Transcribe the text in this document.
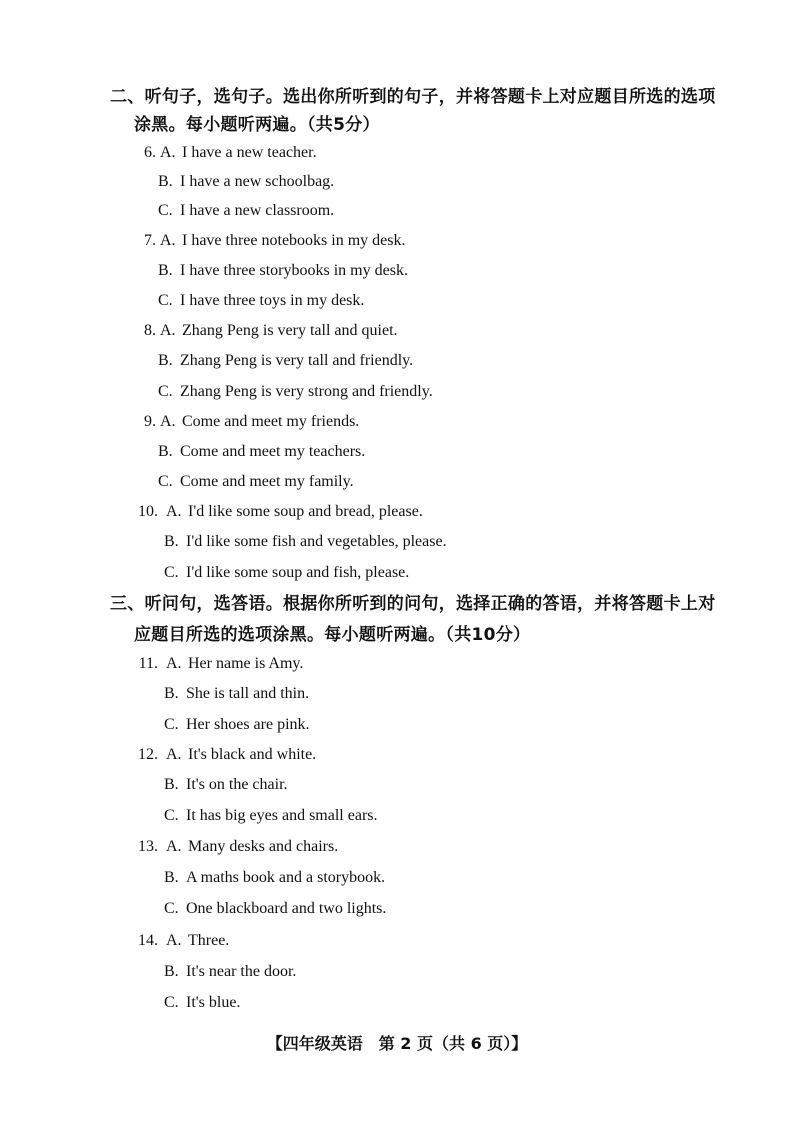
二、听句子，选句子。选出你所听到的句子，并将答题卡上对应题目所选的选项
涂黑。每小题听两遍。（共5分）
6. A. I have a new teacher.
B. I have a new schoolbag.
C. I have a new classroom.
7. A. I have three notebooks in my desk.
B. I have three storybooks in my desk.
C. I have three toys in my desk.
8. A. Zhang Peng is very tall and quiet.
B. Zhang Peng is very tall and friendly.
C. Zhang Peng is very strong and friendly.
9. A. Come and meet my friends.
B. Come and meet my teachers.
C. Come and meet my family.
10. A. I'd like some soup and bread, please.
B. I'd like some fish and vegetables, please.
C. I'd like some soup and fish, please.
三、听问句，选答语。根据你所听到的问句，选择正确的答语，并将答题卡上对
应题目所选的选项涂黑。每小题听两遍。（共10分）
11. A. Her name is Amy.
B. She is tall and thin.
C. Her shoes are pink.
12. A. It's black and white.
B. It's on the chair.
C. It has big eyes and small ears.
13. A. Many desks and chairs.
B. A maths book and a storybook.
C. One blackboard and two lights.
14. A. Three.
B. It's near the door.
C. It's blue.
【四年级英语　第 2 页（共 6 页）】
